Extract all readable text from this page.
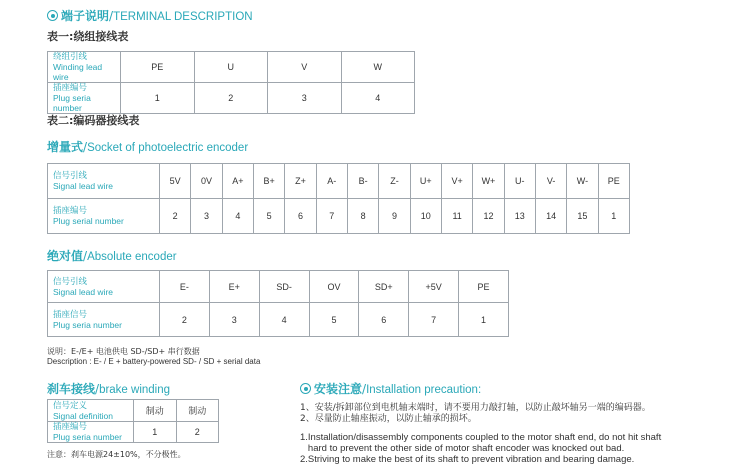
端子说明/TERMINAL DESCRIPTION
表一:绕组接线表
绕组引线
Winding lead wire	PE	U	V	W

插座编号
Plug seria number	1	2	3	4
表二:编码器接线表
增量式/Socket of photoelectric encoder
信号引线
Signal lead wire	5V	0V	A+	B+	Z+	A-	B-	Z-	U+	V+	W+	U-	V-	W-	PE

插座编号
Plug serial number	2	3	4	5	6	7	8	9	10	11	12	13	14	15	1
绝对值/Absolute encoder
信号引线
Signal lead wire	E-	E+	SD-	OV	SD+	+5V	PE

插座信号
Plug seria number	2	3	4	5	6	7	1
说明：E-/E+ 电池供电 SD-/SD+ 串行数据
Description : E- / E + battery-powered SD- / SD + serial data
刹车接线/brake winding
信号定义
Signal definition	制动	制动

插座编号
Plug seria number	1	2
注意：刹车电源24±10%，不分极性。
安装注意/Installation precaution:
1、安装/拆卸部位到电机轴末端时，请不要用力敲打轴，以防止敲坏轴另一端的编码器。
2、尽量防止轴座振动，以防止轴承的损坏。
1.Installation/disassembly components coupled to the motor shaft end, do not hit shaft
hard to prevent the other side of motor shaft encoder was knocked out bad.
2.Striving to make the best of its shaft to prevent vibration and bearing damage.
